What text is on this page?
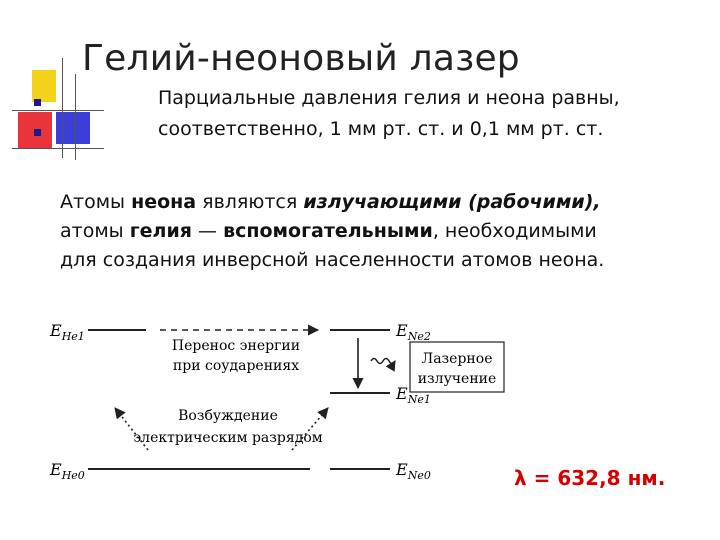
Гелий-неоновый лазер
Парциальные давления гелия и неона равны,
соответственно, 1 мм рт. ст. и 0,1 мм рт. ст.
Атомы неона являются излучающими (рабочими),
атомы гелия — вспомогательными, необходимыми
для создания инверсной населенности атомов неона.
$E_{He1}$
$E_{He0}$
$E_{Ne2}$
$E_{Ne1}$
$E_{Ne0}$
Перенос энергии
при соударениях	Лазерное
излучение
Возбуждение
электрическим разрядом
λ = 632,8 нм.
